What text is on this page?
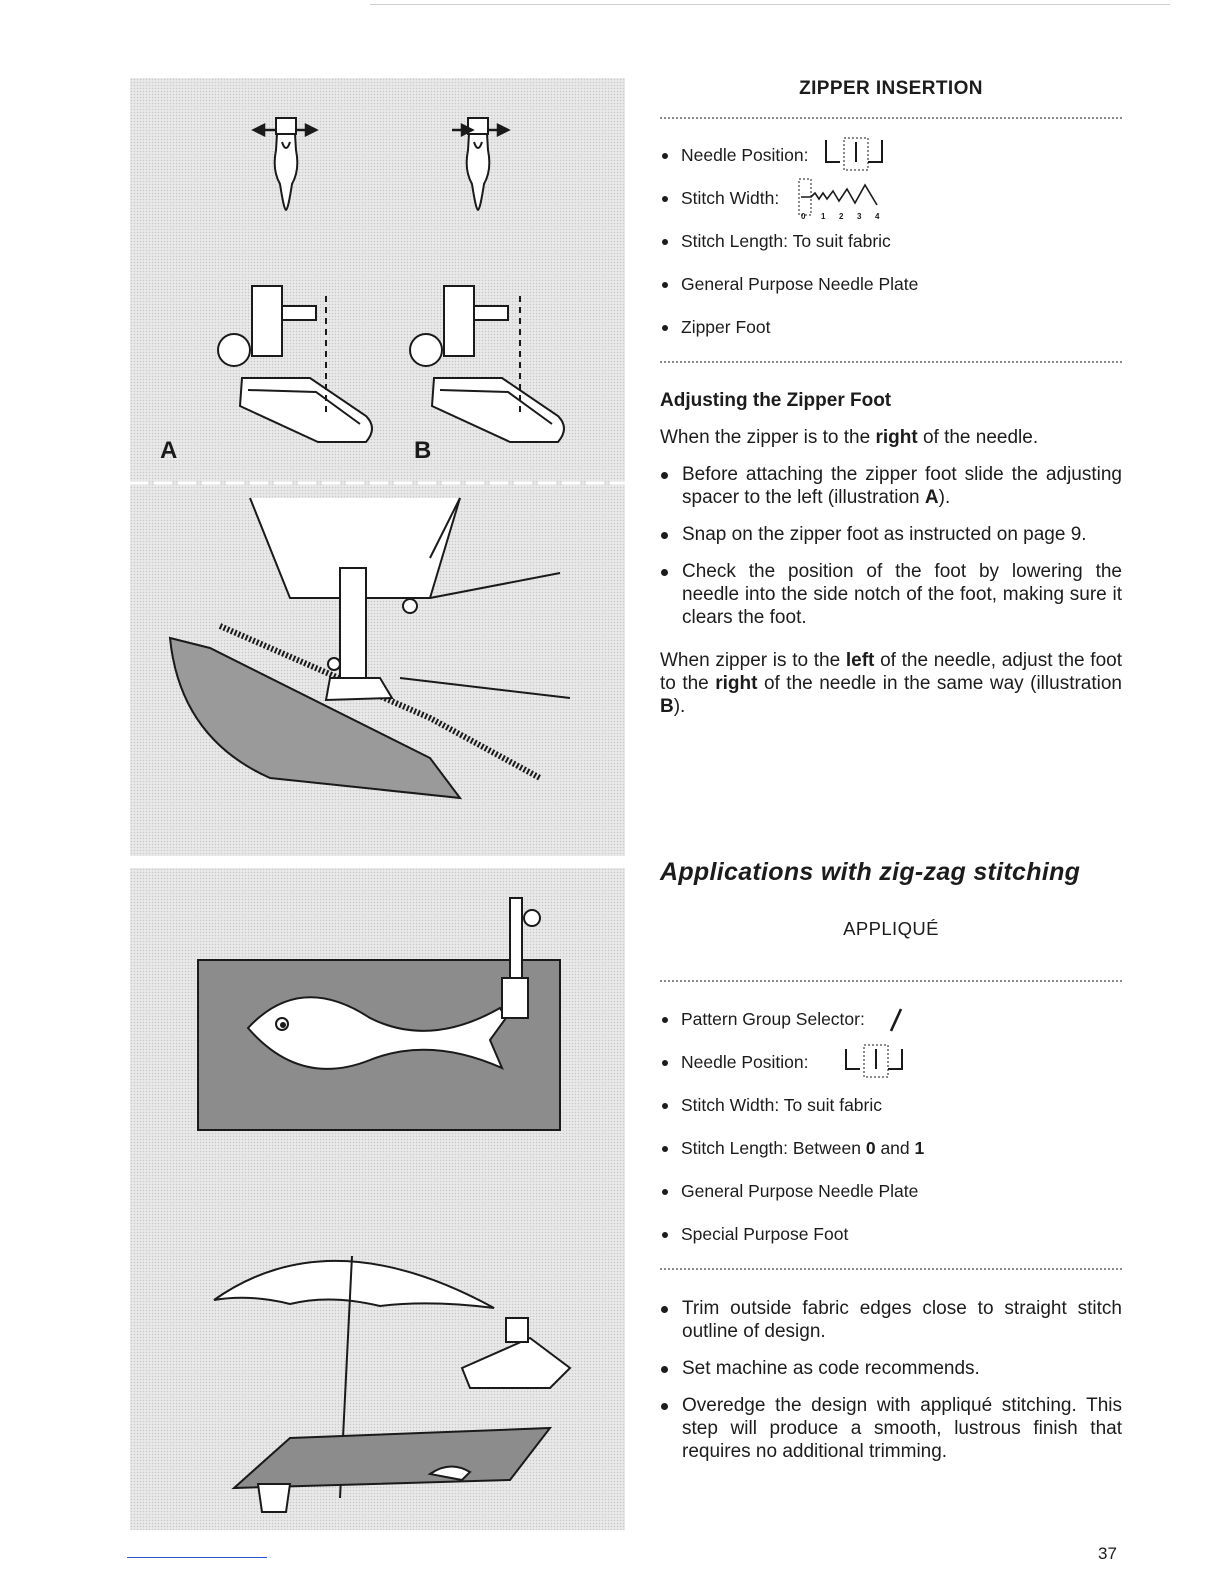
A	B
ZIPPER INSERTION
Needle Position:
Stitch Width:
0 1 2 3 4
Stitch Length: To suit fabric
General Purpose Needle Plate
Zipper Foot
Adjusting the Zipper Foot

When the zipper is to the right of the needle.

Before attaching the zipper foot slide the adjusting spacer to the left (illustration A).
Snap on the zipper foot as instructed on page 9.
Check the position of the foot by lowering the needle into the side notch of the foot, making sure it clears the foot.

When zipper is to the left of the needle, adjust the foot to the right of the needle in the same way (illustration B).

Applications with zig-zag stitching
APPLIQUÉ
Pattern Group Selector:
Needle Position:
Stitch Width: To suit fabric
Stitch Length: Between 0 and 1
General Purpose Needle Plate
Special Purpose Foot
Trim outside fabric edges close to straight stitch outline of design.
Set machine as code recommends.
Overedge the design with appliqué stitching. This step will produce a smooth, lustrous finish that requires no additional trimming.
37
